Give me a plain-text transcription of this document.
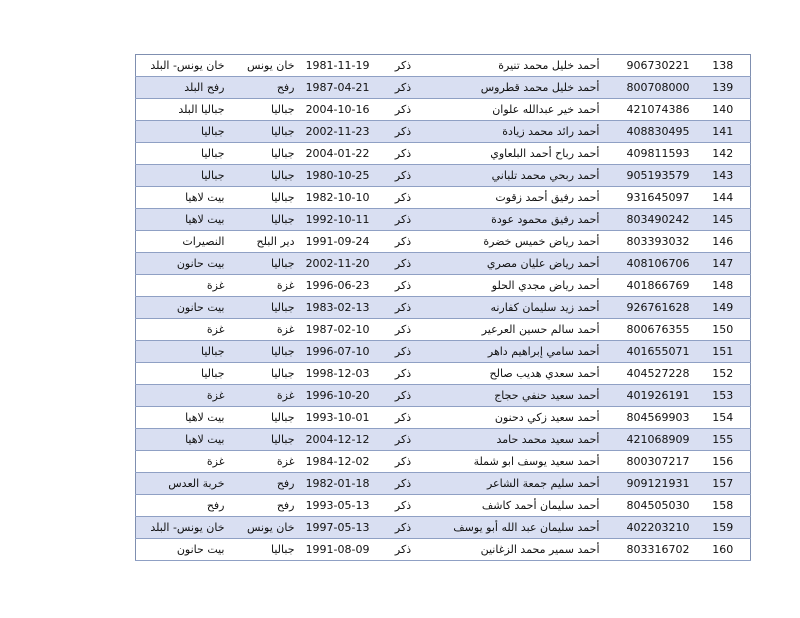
138	906730221	أحمد خليل محمد تنيرة	ذكر	1981-11-19	خان يونس	خان يونس- البلد
139	800708000	أحمد خليل محمد قطروس	ذكر	1987-04-21	رفح	رفح البلد
140	421074386	أحمد خير عبدالله علوان	ذكر	2004-10-16	جباليا	جباليا البلد
141	408830495	أحمد رائد محمد زيادة	ذكر	2002-11-23	جباليا	جباليا
142	409811593	أحمد رباح أحمد البلعاوي	ذكر	2004-01-22	جباليا	جباليا
143	905193579	أحمد ربحي محمد تلباني	ذكر	1980-10-25	جباليا	جباليا
144	931645097	أحمد رفيق أحمد زقوت	ذكر	1982-10-10	جباليا	بيت لاهيا
145	803490242	أحمد رفيق محمود عودة	ذكر	1992-10-11	جباليا	بيت لاهيا
146	803393032	أحمد رياض خميس خضرة	ذكر	1991-09-24	دير البلح	النصيرات
147	408106706	أحمد رياض عليان مصري	ذكر	2002-11-20	جباليا	بيت حانون
148	401866769	أحمد رياض مجدي الحلو	ذكر	1996-06-23	غزة	غزة
149	926761628	أحمد زيد سليمان كفارنه	ذكر	1983-02-13	جباليا	بيت حانون
150	800676355	أحمد سالم حسين العرعير	ذكر	1987-02-10	غزة	غزة
151	401655071	أحمد سامي إبراهيم داهر	ذكر	1996-07-10	جباليا	جباليا
152	404527228	أحمد سعدي هديب صالح	ذكر	1998-12-03	جباليا	جباليا
153	401926191	أحمد سعيد حنفي حجاج	ذكر	1996-10-20	غزة	غزة
154	804569903	أحمد سعيد زكي دحنون	ذكر	1993-10-01	جباليا	بيت لاهيا
155	421068909	أحمد سعيد محمد حامد	ذكر	2004-12-12	جباليا	بيت لاهيا
156	800307217	أحمد سعيد يوسف ابو شملة	ذكر	1984-12-02	غزة	غزة
157	909121931	أحمد سليم جمعة الشاعر	ذكر	1982-01-18	رفح	خربة العدس
158	804505030	أحمد سليمان أحمد كاشف	ذكر	1993-05-13	رفح	رفح
159	402203210	أحمد سليمان عبد الله أبو يوسف	ذكر	1997-05-13	خان يونس	خان يونس- البلد
160	803316702	أحمد سمير محمد الزغانين	ذكر	1991-08-09	جباليا	بيت حانون
